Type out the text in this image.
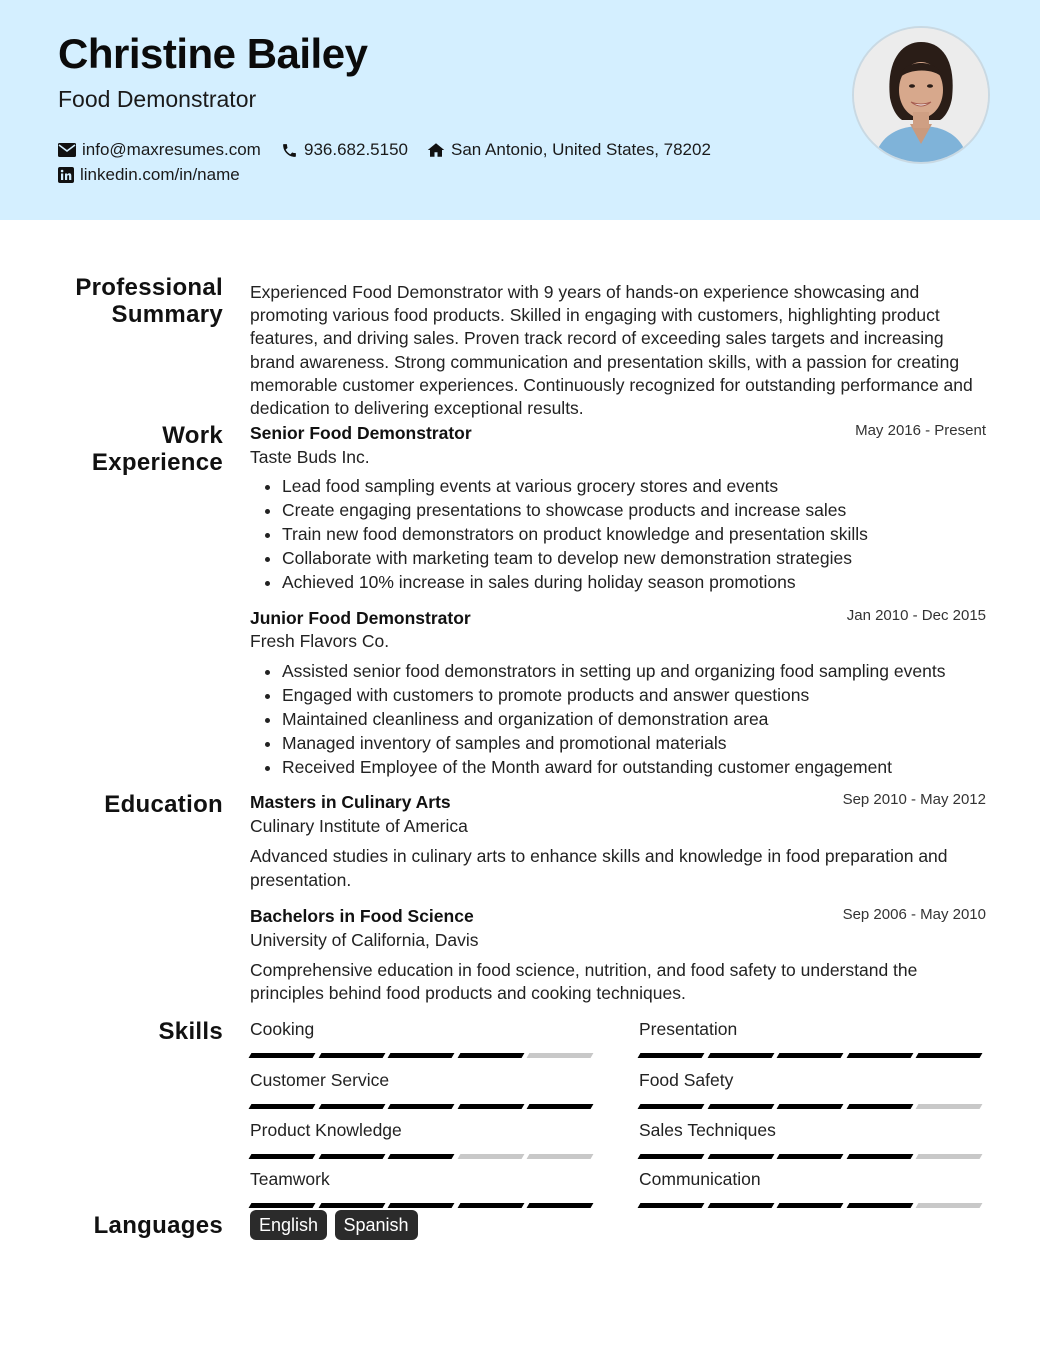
Christine Bailey
Food Demonstrator
info@maxresumes.com	936.682.5150	San Antonio, United States, 78202
linkedin.com/in/name
Professional Summary
Experienced Food Demonstrator with 9 years of hands-on experience showcasing and promoting various food products. Skilled in engaging with customers, highlighting product features, and driving sales. Proven track record of exceeding sales targets and increasing brand awareness. Strong communication and presentation skills, with a passion for creating memorable customer experiences. Continuously recognized for outstanding performance and dedication to delivering exceptional results.
Work Experience
Senior Food Demonstrator	May 2016 - Present
Taste Buds Inc.
• Lead food sampling events at various grocery stores and events
• Create engaging presentations to showcase products and increase sales
• Train new food demonstrators on product knowledge and presentation skills
• Collaborate with marketing team to develop new demonstration strategies
• Achieved 10% increase in sales during holiday season promotions
Junior Food Demonstrator	Jan 2010 - Dec 2015
Fresh Flavors Co.
• Assisted senior food demonstrators in setting up and organizing food sampling events
• Engaged with customers to promote products and answer questions
• Maintained cleanliness and organization of demonstration area
• Managed inventory of samples and promotional materials
• Received Employee of the Month award for outstanding customer engagement
Education Masters in Culinary Arts	Sep 2010 - May 2012
Culinary Institute of America
Advanced studies in culinary arts to enhance skills and knowledge in food preparation and presentation.
Bachelors in Food Science	Sep 2006 - May 2010
University of California, Davis
Comprehensive education in food science, nutrition, and food safety to understand the principles behind food products and cooking techniques.
Skills Cooking	Presentation
Customer Service	Food Safety
Product Knowledge	Sales Techniques
Teamwork	Communication
Languages	English Spanish
